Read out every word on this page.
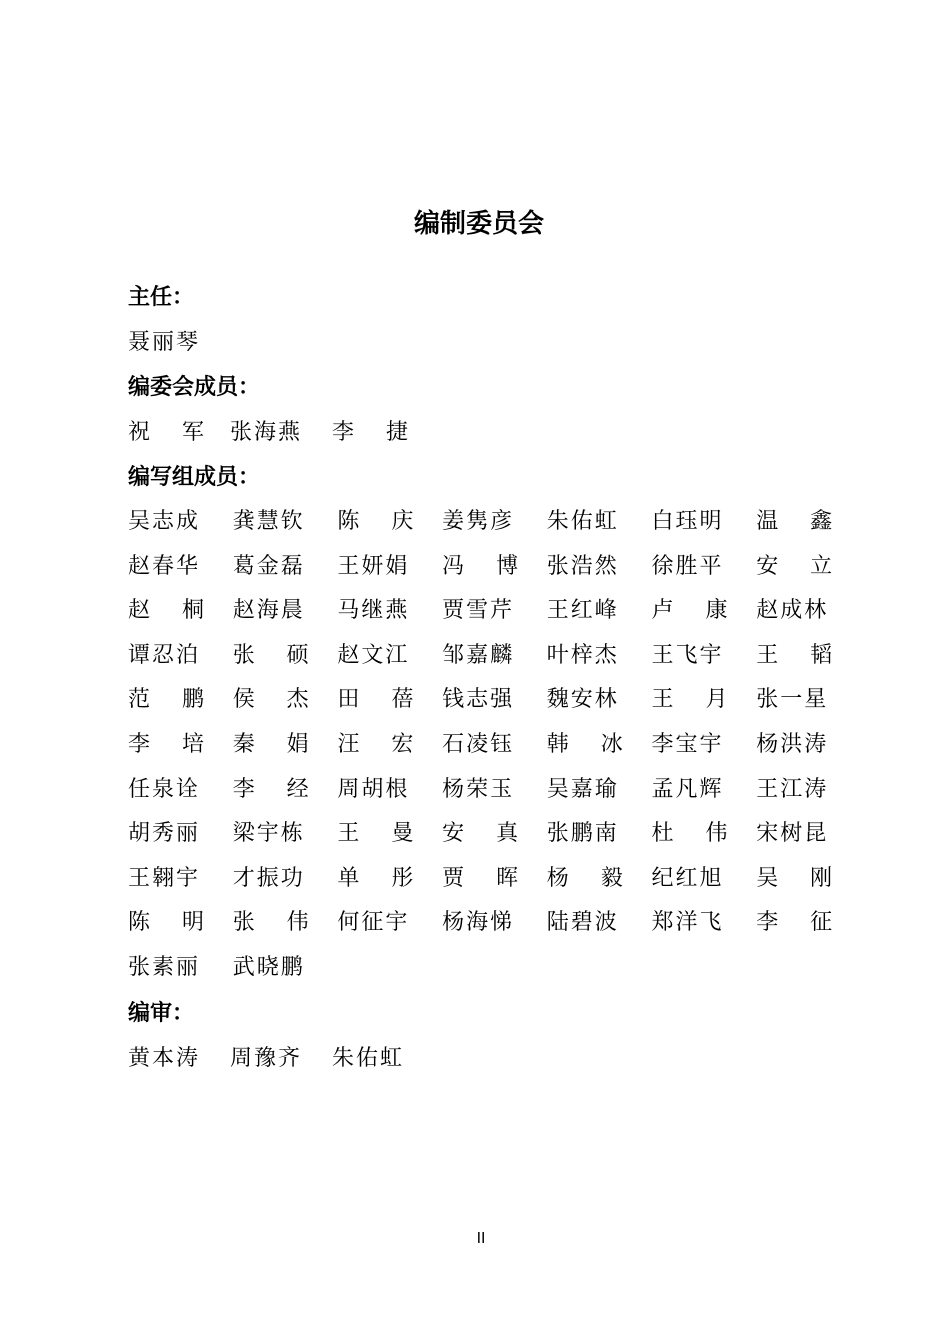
编制委员会
主任：
聂丽琴
编委会成员：
祝 军 张海燕 李 捷
编写组成员：
吴志成 龚慧钦 陈 庆 姜隽彦 朱佑虹 白珏明 温 鑫
赵春华 葛金磊 王妍娟 冯 博 张浩然 徐胜平 安 立
赵 桐 赵海晨 马继燕 贾雪芹 王红峰 卢 康 赵成林
谭忍泊 张 硕 赵文江 邹嘉麟 叶梓杰 王飞宇 王 韬
范 鹏 侯 杰 田 蓓 钱志强 魏安林 王 月 张一星
李 培 秦 娟 汪 宏 石凌钰 韩 冰 李宝宇 杨洪涛
任泉诠 李 经 周胡根 杨荣玉 吴嘉瑜 孟凡辉 王江涛
胡秀丽 梁宇栋 王 曼 安 真 张鹏南 杜 伟 宋树昆
王翱宇 才振功 单 彤 贾 晖 杨 毅 纪红旭 吴 刚
陈 明 张 伟 何征宇 杨海悌 陆碧波 郑洋飞 李 征
张素丽 武晓鹏
编审：
黄本涛 周豫齐 朱佑虹
II
